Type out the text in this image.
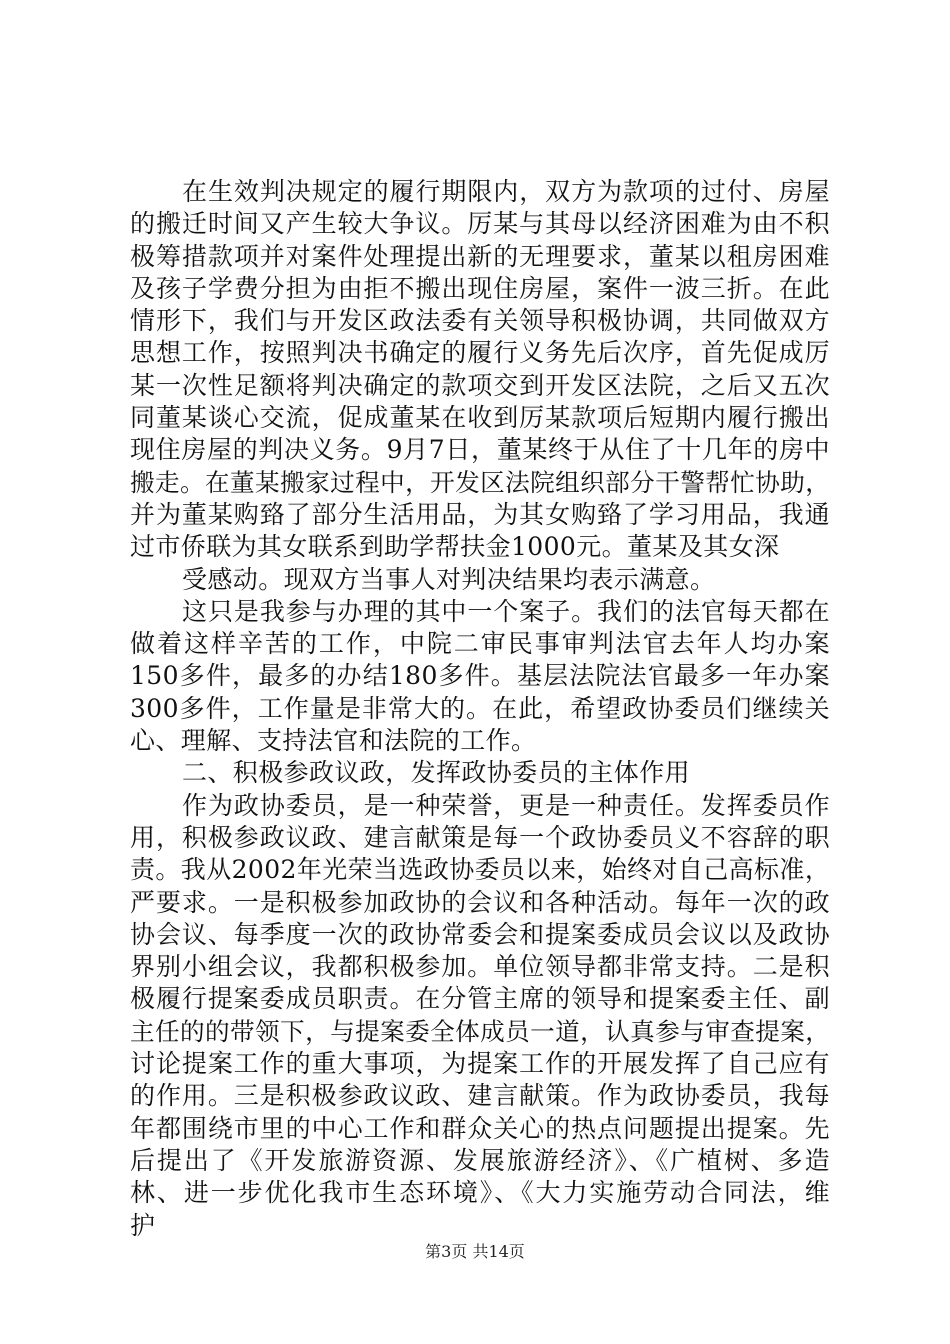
在生效判决规定的履行期限内，双方为款项的过付、房屋
的搬迁时间又产生较大争议。厉某与其母以经济困难为由不积
极筹措款项并对案件处理提出新的无理要求，董某以租房困难
及孩子学费分担为由拒不搬出现住房屋，案件一波三折。在此
情形下，我们与开发区政法委有关领导积极协调，共同做双方
思想工作，按照判决书确定的履行义务先后次序，首先促成厉
某一次性足额将判决确定的款项交到开发区法院，之后又五次
同董某谈心交流，促成董某在收到厉某款项后短期内履行搬出
现住房屋的判决义务。9月7日，董某终于从住了十几年的房中
搬走。在董某搬家过程中，开发区法院组织部分干警帮忙协助，
并为董某购臵了部分生活用品，为其女购臵了学习用品，我通
过市侨联为其女联系到助学帮扶金1000元。董某及其女深
受感动。现双方当事人对判决结果均表示满意。
这只是我参与办理的其中一个案子。我们的法官每天都在
做着这样辛苦的工作，中院二审民事审判法官去年人均办案
150多件，最多的办结180多件。基层法院法官最多一年办案
300多件，工作量是非常大的。在此，希望政协委员们继续关
心、理解、支持法官和法院的工作。
二、积极参政议政，发挥政协委员的主体作用
作为政协委员，是一种荣誉，更是一种责任。发挥委员作
用，积极参政议政、建言献策是每一个政协委员义不容辞的职
责。我从2002年光荣当选政协委员以来，始终对自己高标准，
严要求。一是积极参加政协的会议和各种活动。每年一次的政
协会议、每季度一次的政协常委会和提案委成员会议以及政协
界别小组会议，我都积极参加。单位领导都非常支持。二是积
极履行提案委成员职责。在分管主席的领导和提案委主任、副
主任的的带领下，与提案委全体成员一道，认真参与审查提案，
讨论提案工作的重大事项，为提案工作的开展发挥了自己应有
的作用。三是积极参政议政、建言献策。作为政协委员，我每
年都围绕市里的中心工作和群众关心的热点问题提出提案。先
后提出了《开发旅游资源、发展旅游经济》、《广植树、多造
林、进一步优化我市生态环境》、《大力实施劳动合同法，维
护
第3页 共14页
